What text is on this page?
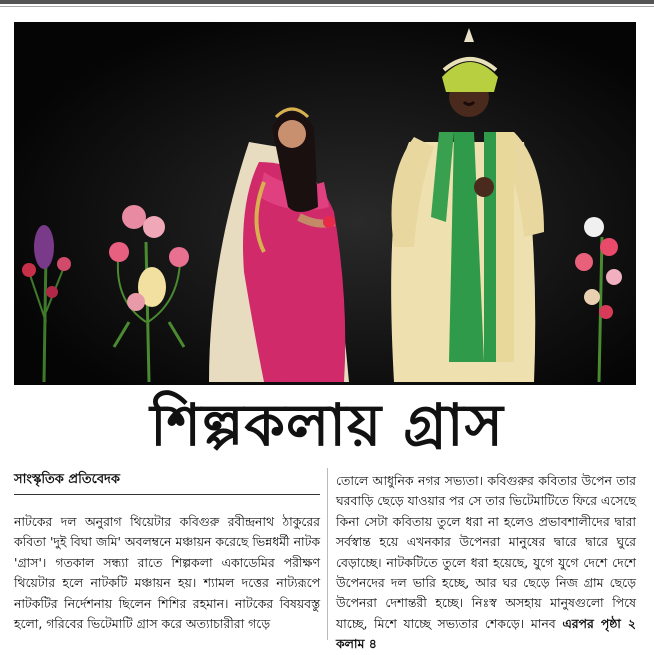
শিল্পকলায় গ্রাস
সাংস্কৃতিক প্রতিবেদক
নাটকের দল অনুরাগ থিয়েটার কবিগুরু রবীন্দ্রনাথ ঠাকুরের কবিতা 'দুই বিঘা জমি' অবলম্বনে মঞ্চায়ন করেছে ভিন্নধর্মী নাটক 'গ্রাস'। গতকাল সন্ধ্যা রাতে শিল্পকলা একাডেমির পরীক্ষণ থিয়েটার হলে নাটকটি মঞ্চায়ন হয়। শ্যামল দত্তের নাট্যরূপে নাটকটির নির্দেশনায় ছিলেন শিশির রহমান। নাটকের বিষয়বস্তু হলো, গরিবের ভিটেমাটি গ্রাস করে অত্যাচারীরা গড়ে
তোলে আধুনিক নগর সভ্যতা। কবিগুরুর কবিতার উপেন তার ঘরবাড়ি ছেড়ে যাওয়ার পর সে তার ভিটেমাটিতে ফিরে এসেছে কিনা সেটা কবিতায় তুলে ধরা না হলেও প্রভাবশালীদের দ্বারা সর্বস্বান্ত হয়ে এখনকার উপেনরা মানুষের দ্বারে দ্বারে ঘুরে বেড়াচ্ছে। নাটকটিতে তুলে ধরা হয়েছে, যুগে যুগে দেশে দেশে উপেনদের দল ভারি হচ্ছে, আর ঘর ছেড়ে নিজ গ্রাম ছেড়ে উপেনরা দেশান্তরী হচ্ছে। নিঃস্ব অসহায় মানুষগুলো পিষে যাচ্ছে, মিশে যাচ্ছে সভ্যতার শেকড়ে। মানব এরপর পৃষ্ঠা ২ কলাম ৪
